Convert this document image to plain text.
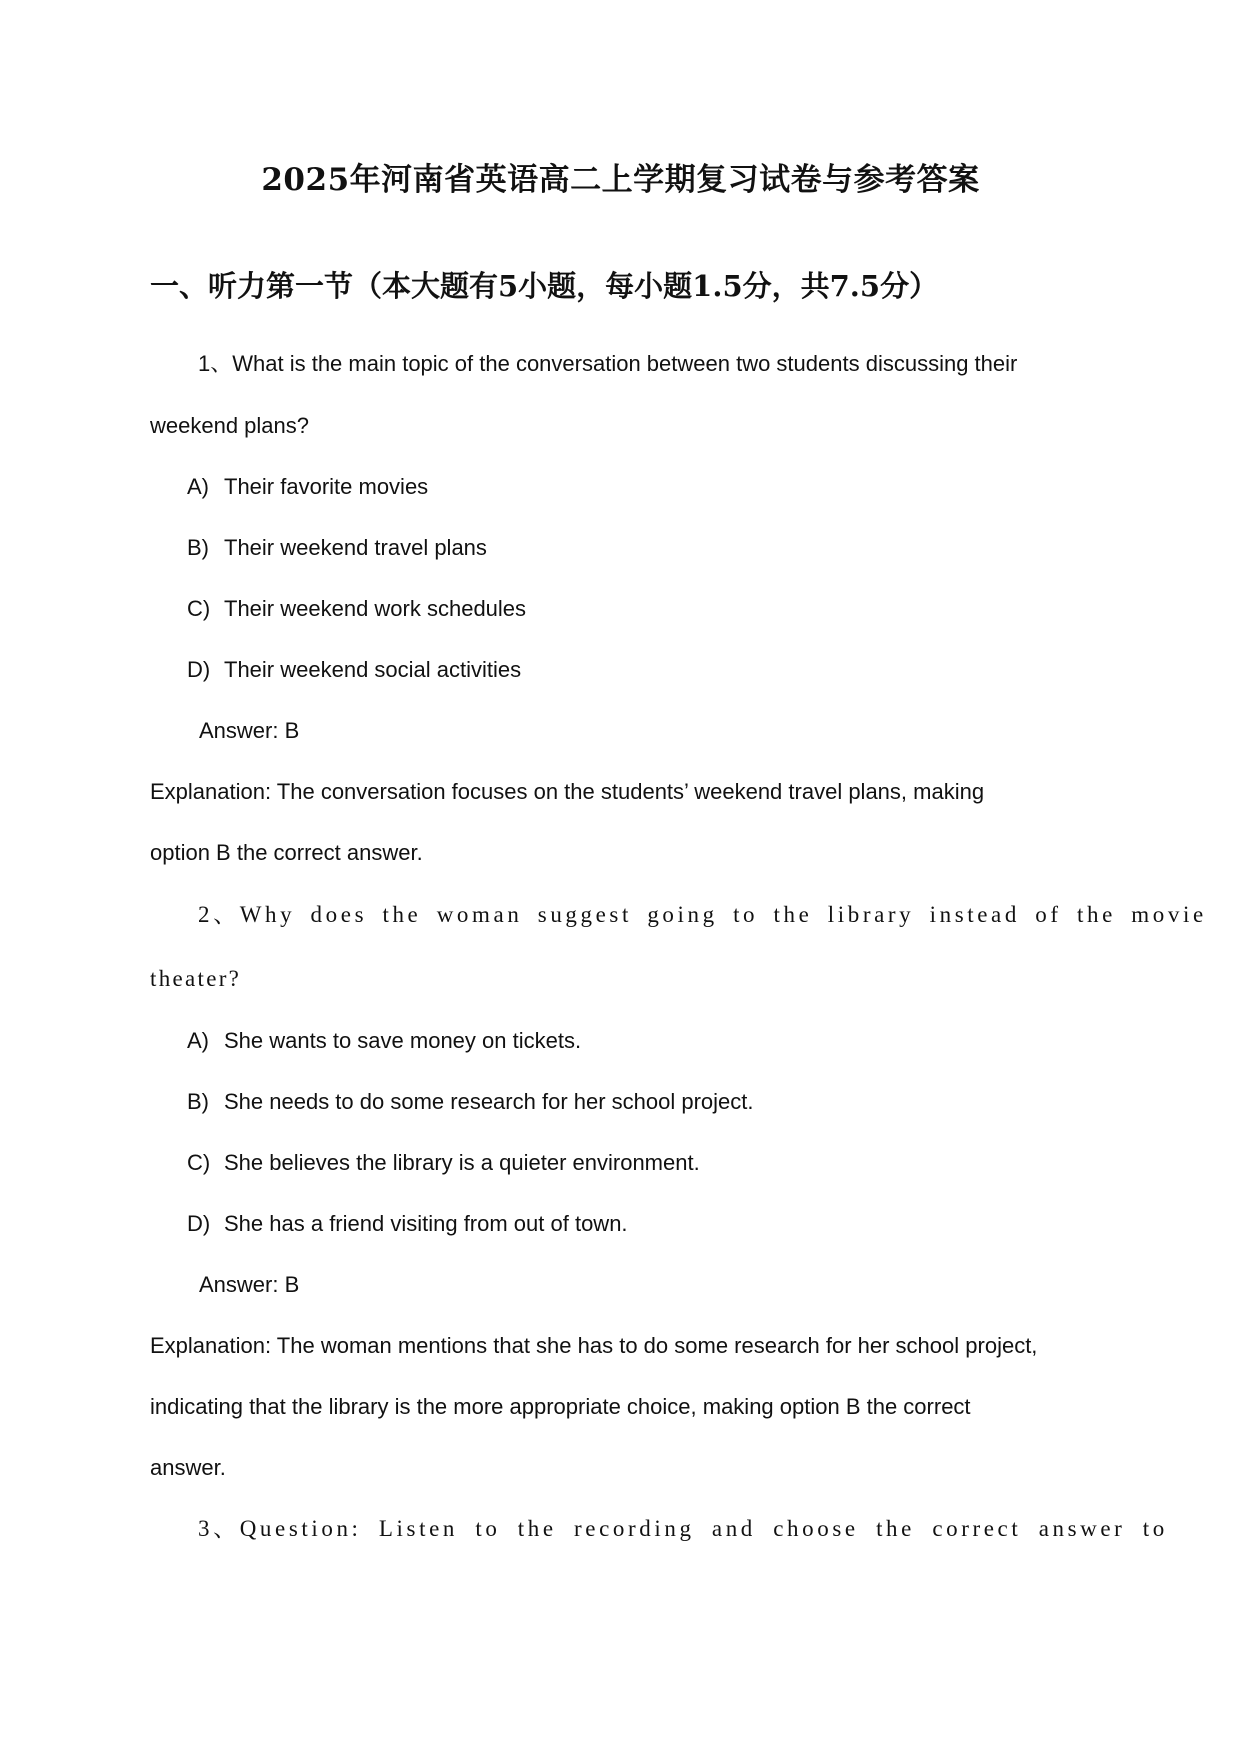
2025年河南省英语高二上学期复习试卷与参考答案
一、听力第一节（本大题有5小题，每小题1.5分，共7.5分）
1、What is the main topic of the conversation between two students discussing their
weekend plans?
A) Their favorite movies
B) Their weekend travel plans
C) Their weekend work schedules
D) Their weekend social activities
Answer: B
Explanation: The conversation focuses on the students’ weekend travel plans, making
option B the correct answer.
2、Why does the woman suggest going to the library instead of the movie
theater?
A) She wants to save money on tickets.
B) She needs to do some research for her school project.
C) She believes the library is a quieter environment.
D) She has a friend visiting from out of town.
Answer: B
Explanation: The woman mentions that she has to do some research for her school project,
indicating that the library is the more appropriate choice, making option B the correct
answer.
3、Question: Listen to the recording and choose the correct answer to
